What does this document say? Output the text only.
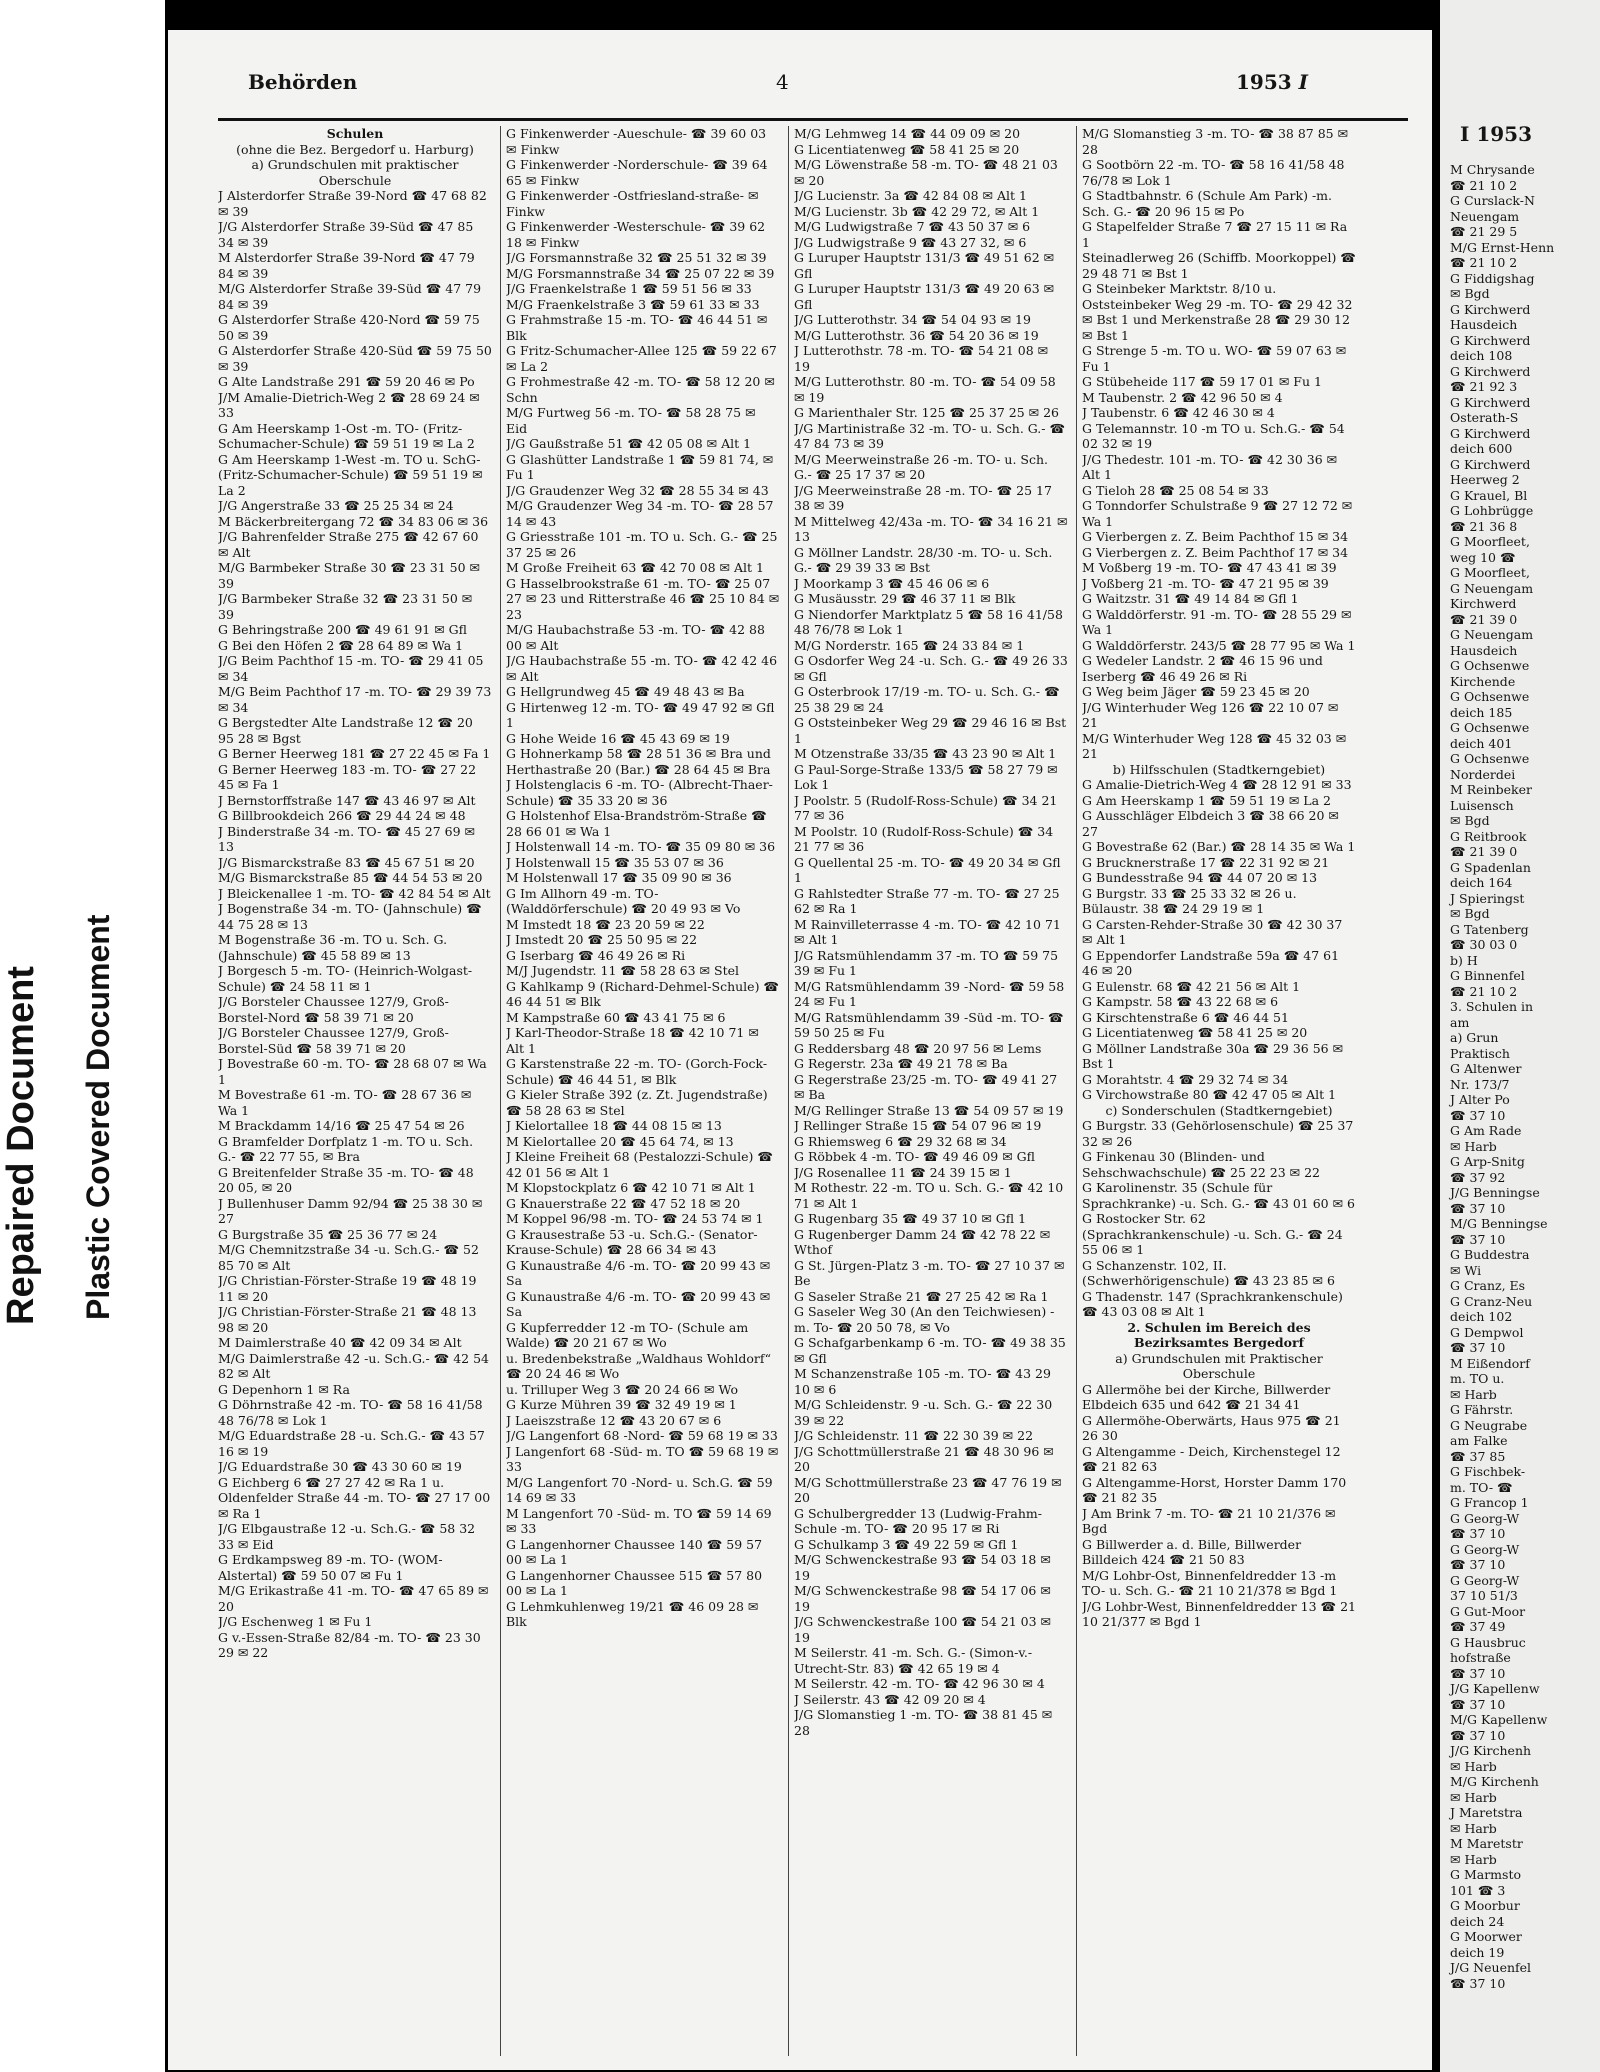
Repaired Document Plastic Covered Document
Behörden	4	1953 I
Schulen
(ohne die Bez. Bergedorf u. Harburg)
a) Grundschulen mit praktischer Oberschule
J Alsterdorfer Straße 39-Nord ☎ 47 68 82 ✉ 39
J/G Alsterdorfer Straße 39-Süd ☎ 47 85 34 ✉ 39
M Alsterdorfer Straße 39-Nord ☎ 47 79 84 ✉ 39
M/G Alsterdorfer Straße 39-Süd ☎ 47 79 84 ✉ 39
G Alsterdorfer Straße 420-Nord ☎ 59 75 50 ✉ 39
G Alsterdorfer Straße 420-Süd ☎ 59 75 50 ✉ 39
G Alte Landstraße 291 ☎ 59 20 46 ✉ Po
J/M Amalie-Dietrich-Weg 2 ☎ 28 69 24 ✉ 33
G Am Heerskamp 1-Ost -m. TO- (Fritz-Schumacher-Schule) ☎ 59 51 19 ✉ La 2
G Am Heerskamp 1-West -m. TO u. SchG- (Fritz-Schumacher-Schule) ☎ 59 51 19 ✉ La 2
J/G Angerstraße 33 ☎ 25 25 34 ✉ 24
M Bäckerbreitergang 72 ☎ 34 83 06 ✉ 36
J/G Bahrenfelder Straße 275 ☎ 42 67 60 ✉ Alt
M/G Barmbeker Straße 30 ☎ 23 31 50 ✉ 39
J/G Barmbeker Straße 32 ☎ 23 31 50 ✉ 39
G Behringstraße 200 ☎ 49 61 91 ✉ Gfl
G Bei den Höfen 2 ☎ 28 64 89 ✉ Wa 1
J/G Beim Pachthof 15 -m. TO- ☎ 29 41 05 ✉ 34
M/G Beim Pachthof 17 -m. TO- ☎ 29 39 73 ✉ 34
G Bergstedter Alte Landstraße 12 ☎ 20 95 28 ✉ Bgst
G Berner Heerweg 181 ☎ 27 22 45 ✉ Fa 1
G Berner Heerweg 183 -m. TO- ☎ 27 22 45 ✉ Fa 1
J Bernstorffstraße 147 ☎ 43 46 97 ✉ Alt
G Billbrookdeich 266 ☎ 29 44 24 ✉ 48
J Binderstraße 34 -m. TO- ☎ 45 27 69 ✉ 13
J/G Bismarckstraße 83 ☎ 45 67 51 ✉ 20
M/G Bismarckstraße 85 ☎ 44 54 53 ✉ 20
J Bleickenallee 1 -m. TO- ☎ 42 84 54 ✉ Alt
J Bogenstraße 34 -m. TO- (Jahnschule) ☎ 44 75 28 ✉ 13
M Bogenstraße 36 -m. TO u. Sch. G. (Jahnschule) ☎ 45 58 89 ✉ 13
J Borgesch 5 -m. TO- (Heinrich-Wolgast-Schule) ☎ 24 58 11 ✉ 1
J/G Borsteler Chaussee 127/9, Groß-Borstel-Nord ☎ 58 39 71 ✉ 20
J/G Borsteler Chaussee 127/9, Groß-Borstel-Süd ☎ 58 39 71 ✉ 20
J Bovestraße 60 -m. TO- ☎ 28 68 07 ✉ Wa 1
M Bovestraße 61 -m. TO- ☎ 28 67 36 ✉ Wa 1
M Brackdamm 14/16 ☎ 25 47 54 ✉ 26
G Bramfelder Dorfplatz 1 -m. TO u. Sch. G.- ☎ 22 77 55, ✉ Bra
G Breitenfelder Straße 35 -m. TO- ☎ 48 20 05, ✉ 20
J Bullenhuser Damm 92/94 ☎ 25 38 30 ✉ 27
G Burgstraße 35 ☎ 25 36 77 ✉ 24
M/G Chemnitzstraße 34 -u. Sch.G.- ☎ 52 85 70 ✉ Alt
J/G Christian-Förster-Straße 19 ☎ 48 19 11 ✉ 20
J/G Christian-Förster-Straße 21 ☎ 48 13 98 ✉ 20
M Daimlerstraße 40 ☎ 42 09 34 ✉ Alt
M/G Daimlerstraße 42 -u. Sch.G.- ☎ 42 54 82 ✉ Alt
G Depenhorn 1 ✉ Ra
G Döhrnstraße 42 -m. TO- ☎ 58 16 41/58 48 76/78 ✉ Lok 1
M/G Eduardstraße 28 -u. Sch.G.- ☎ 43 57 16 ✉ 19
J/G Eduardstraße 30 ☎ 43 30 60 ✉ 19
G Eichberg 6 ☎ 27 27 42 ✉ Ra 1 u. Oldenfelder Straße 44 -m. TO- ☎ 27 17 00 ✉ Ra 1
J/G Elbgaustraße 12 -u. Sch.G.- ☎ 58 32 33 ✉ Eid
G Erdkampsweg 89 -m. TO- (WOM-Alstertal) ☎ 59 50 07 ✉ Fu 1
M/G Erikastraße 41 -m. TO- ☎ 47 65 89 ✉ 20
J/G Eschenweg 1 ✉ Fu 1
G v.-Essen-Straße 82/84 -m. TO- ☎ 23 30 29 ✉ 22
G Finkenwerder -Aueschule- ☎ 39 60 03 ✉ Finkw
G Finkenwerder -Norderschule- ☎ 39 64 65 ✉ Finkw
G Finkenwerder -Ostfriesland-straße- ✉ Finkw
G Finkenwerder -Westerschule- ☎ 39 62 18 ✉ Finkw
J/G Forsmannstraße 32 ☎ 25 51 32 ✉ 39
M/G Forsmannstraße 34 ☎ 25 07 22 ✉ 39
J/G Fraenkelstraße 1 ☎ 59 51 56 ✉ 33
M/G Fraenkelstraße 3 ☎ 59 61 33 ✉ 33
G Frahmstraße 15 -m. TO- ☎ 46 44 51 ✉ Blk
G Fritz-Schumacher-Allee 125 ☎ 59 22 67 ✉ La 2
G Frohmestraße 42 -m. TO- ☎ 58 12 20 ✉ Schn
M/G Furtweg 56 -m. TO- ☎ 58 28 75 ✉ Eid
J/G Gaußstraße 51 ☎ 42 05 08 ✉ Alt 1
G Glashütter Landstraße 1 ☎ 59 81 74, ✉ Fu 1
J/G Graudenzer Weg 32 ☎ 28 55 34 ✉ 43
M/G Graudenzer Weg 34 -m. TO- ☎ 28 57 14 ✉ 43
G Griesstraße 101 -m. TO u. Sch. G.- ☎ 25 37 25 ✉ 26
M Große Freiheit 63 ☎ 42 70 08 ✉ Alt 1
G Hasselbrookstraße 61 -m. TO- ☎ 25 07 27 ✉ 23 und Ritterstraße 46 ☎ 25 10 84 ✉ 23
M/G Haubachstraße 53 -m. TO- ☎ 42 88 00 ✉ Alt
J/G Haubachstraße 55 -m. TO- ☎ 42 42 46 ✉ Alt
G Hellgrundweg 45 ☎ 49 48 43 ✉ Ba
G Hirtenweg 12 -m. TO- ☎ 49 47 92 ✉ Gfl 1
G Hohe Weide 16 ☎ 45 43 69 ✉ 19
G Hohnerkamp 58 ☎ 28 51 36 ✉ Bra und Herthastraße 20 (Bar.) ☎ 28 64 45 ✉ Bra
J Holstenglacis 6 -m. TO- (Albrecht-Thaer-Schule) ☎ 35 33 20 ✉ 36
G Holstenhof Elsa-Brandström-Straße ☎ 28 66 01 ✉ Wa 1
J Holstenwall 14 -m. TO- ☎ 35 09 80 ✉ 36
J Holstenwall 15 ☎ 35 53 07 ✉ 36
M Holstenwall 17 ☎ 35 09 90 ✉ 36
G Im Allhorn 49 -m. TO- (Walddörferschule) ☎ 20 49 93 ✉ Vo
M Imstedt 18 ☎ 23 20 59 ✉ 22
J Imstedt 20 ☎ 25 50 95 ✉ 22
G Iserbarg ☎ 46 49 26 ✉ Ri
M/J Jugendstr. 11 ☎ 58 28 63 ✉ Stel
G Kahlkamp 9 (Richard-Dehmel-Schule) ☎ 46 44 51 ✉ Blk
M Kampstraße 60 ☎ 43 41 75 ✉ 6
J Karl-Theodor-Straße 18 ☎ 42 10 71 ✉ Alt 1
G Karstenstraße 22 -m. TO- (Gorch-Fock-Schule) ☎ 46 44 51, ✉ Blk
G Kieler Straße 392 (z. Zt. Jugendstraße) ☎ 58 28 63 ✉ Stel
J Kielortallee 18 ☎ 44 08 15 ✉ 13
M Kielortallee 20 ☎ 45 64 74, ✉ 13
J Kleine Freiheit 68 (Pestalozzi-Schule) ☎ 42 01 56 ✉ Alt 1
M Klopstockplatz 6 ☎ 42 10 71 ✉ Alt 1
G Knauerstraße 22 ☎ 47 52 18 ✉ 20
M Koppel 96/98 -m. TO- ☎ 24 53 74 ✉ 1
G Krausestraße 53 -u. Sch.G.- (Senator-Krause-Schule) ☎ 28 66 34 ✉ 43
G Kunaustraße 4/6 -m. TO- ☎ 20 99 43 ✉ Sa
G Kunaustraße 4/6 -m. TO- ☎ 20 99 43 ✉ Sa
G Kupferredder 12 -m TO- (Schule am Walde) ☎ 20 21 67 ✉ Wo
u. Bredenbekstraße „Waldhaus Wohldorf“ ☎ 20 24 46 ✉ Wo
u. Trilluper Weg 3 ☎ 20 24 66 ✉ Wo
G Kurze Mühren 39 ☎ 32 49 19 ✉ 1
J Laeiszstraße 12 ☎ 43 20 67 ✉ 6
J/G Langenfort 68 -Nord- ☎ 59 68 19 ✉ 33
J Langenfort 68 -Süd- m. TO ☎ 59 68 19 ✉ 33
M/G Langenfort 70 -Nord- u. Sch.G. ☎ 59 14 69 ✉ 33
M Langenfort 70 -Süd- m. TO ☎ 59 14 69 ✉ 33
G Langenhorner Chaussee 140 ☎ 59 57 00 ✉ La 1
G Langenhorner Chaussee 515 ☎ 57 80 00 ✉ La 1
G Lehmkuhlenweg 19/21 ☎ 46 09 28 ✉ Blk
M/G Lehmweg 14 ☎ 44 09 09 ✉ 20
G Licentiatenweg ☎ 58 41 25 ✉ 20
M/G Löwenstraße 58 -m. TO- ☎ 48 21 03 ✉ 20
J/G Lucienstr. 3a ☎ 42 84 08 ✉ Alt 1
M/G Lucienstr. 3b ☎ 42 29 72, ✉ Alt 1
M/G Ludwigstraße 7 ☎ 43 50 37 ✉ 6
J/G Ludwigstraße 9 ☎ 43 27 32, ✉ 6
G Luruper Hauptstr 131/3 ☎ 49 51 62 ✉ Gfl
G Luruper Hauptstr 131/3 ☎ 49 20 63 ✉ Gfl
J/G Lutterothstr. 34 ☎ 54 04 93 ✉ 19
M/G Lutterothstr. 36 ☎ 54 20 36 ✉ 19
J Lutterothstr. 78 -m. TO- ☎ 54 21 08 ✉ 19
M/G Lutterothstr. 80 -m. TO- ☎ 54 09 58 ✉ 19
G Marienthaler Str. 125 ☎ 25 37 25 ✉ 26
J/G Martinistraße 32 -m. TO- u. Sch. G.- ☎ 47 84 73 ✉ 39
M/G Meerweinstraße 26 -m. TO- u. Sch. G.- ☎ 25 17 37 ✉ 20
J/G Meerweinstraße 28 -m. TO- ☎ 25 17 38 ✉ 39
M Mittelweg 42/43a -m. TO- ☎ 34 16 21 ✉ 13
G Möllner Landstr. 28/30 -m. TO- u. Sch. G.- ☎ 29 39 33 ✉ Bst
J Moorkamp 3 ☎ 45 46 06 ✉ 6
G Musäusstr. 29 ☎ 46 37 11 ✉ Blk
G Niendorfer Marktplatz 5 ☎ 58 16 41/58 48 76/78 ✉ Lok 1
M/G Norderstr. 165 ☎ 24 33 84 ✉ 1
G Osdorfer Weg 24 -u. Sch. G.- ☎ 49 26 33 ✉ Gfl
G Osterbrook 17/19 -m. TO- u. Sch. G.- ☎ 25 38 29 ✉ 24
G Oststeinbeker Weg 29 ☎ 29 46 16 ✉ Bst 1
M Otzenstraße 33/35 ☎ 43 23 90 ✉ Alt 1
G Paul-Sorge-Straße 133/5 ☎ 58 27 79 ✉ Lok 1
J Poolstr. 5 (Rudolf-Ross-Schule) ☎ 34 21 77 ✉ 36
M Poolstr. 10 (Rudolf-Ross-Schule) ☎ 34 21 77 ✉ 36
G Quellental 25 -m. TO- ☎ 49 20 34 ✉ Gfl 1
G Rahlstedter Straße 77 -m. TO- ☎ 27 25 62 ✉ Ra 1
M Rainvilleterrasse 4 -m. TO- ☎ 42 10 71 ✉ Alt 1
J/G Ratsmühlendamm 37 -m. TO ☎ 59 75 39 ✉ Fu 1
M/G Ratsmühlendamm 39 -Nord- ☎ 59 58 24 ✉ Fu 1
M/G Ratsmühlendamm 39 -Süd -m. TO- ☎ 59 50 25 ✉ Fu
G Reddersbarg 48 ☎ 20 97 56 ✉ Lems
G Regerstr. 23a ☎ 49 21 78 ✉ Ba
G Regerstraße 23/25 -m. TO- ☎ 49 41 27 ✉ Ba
M/G Rellinger Straße 13 ☎ 54 09 57 ✉ 19
J Rellinger Straße 15 ☎ 54 07 96 ✉ 19
G Rhiemsweg 6 ☎ 29 32 68 ✉ 34
G Röbbek 4 -m. TO- ☎ 49 46 09 ✉ Gfl
J/G Rosenallee 11 ☎ 24 39 15 ✉ 1
M Rothestr. 22 -m. TO u. Sch. G.- ☎ 42 10 71 ✉ Alt 1
G Rugenbarg 35 ☎ 49 37 10 ✉ Gfl 1
G Rugenberger Damm 24 ☎ 42 78 22 ✉ Wthof
G St. Jürgen-Platz 3 -m. TO- ☎ 27 10 37 ✉ Be
G Saseler Straße 21 ☎ 27 25 42 ✉ Ra 1
G Saseler Weg 30 (An den Teichwiesen) -m. To- ☎ 20 50 78, ✉ Vo
G Schafgarbenkamp 6 -m. TO- ☎ 49 38 35 ✉ Gfl
M Schanzenstraße 105 -m. TO- ☎ 43 29 10 ✉ 6
M/G Schleidenstr. 9 -u. Sch. G.- ☎ 22 30 39 ✉ 22
J/G Schleidenstr. 11 ☎ 22 30 39 ✉ 22
J/G Schottmüllerstraße 21 ☎ 48 30 96 ✉ 20
M/G Schottmüllerstraße 23 ☎ 47 76 19 ✉ 20
G Schulbergredder 13 (Ludwig-Frahm-Schule -m. TO- ☎ 20 95 17 ✉ Ri
G Schulkamp 3 ☎ 49 22 59 ✉ Gfl 1
M/G Schwenckestraße 93 ☎ 54 03 18 ✉ 19
M/G Schwenckestraße 98 ☎ 54 17 06 ✉ 19
J/G Schwenckestraße 100 ☎ 54 21 03 ✉ 19
M Seilerstr. 41 -m. Sch. G.- (Simon-v.-Utrecht-Str. 83) ☎ 42 65 19 ✉ 4
M Seilerstr. 42 -m. TO- ☎ 42 96 30 ✉ 4
J Seilerstr. 43 ☎ 42 09 20 ✉ 4
J/G Slomanstieg 1 -m. TO- ☎ 38 81 45 ✉ 28
M/G Slomanstieg 3 -m. TO- ☎ 38 87 85 ✉ 28
G Sootbörn 22 -m. TO- ☎ 58 16 41/58 48 76/78 ✉ Lok 1
G Stadtbahnstr. 6 (Schule Am Park) -m. Sch. G.- ☎ 20 96 15 ✉ Po
G Stapelfelder Straße 7 ☎ 27 15 11 ✉ Ra 1
Steinadlerweg 26 (Schiffb. Moorkoppel) ☎ 29 48 71 ✉ Bst 1
G Steinbeker Marktstr. 8/10 u. Oststeinbeker Weg 29 -m. TO- ☎ 29 42 32 ✉ Bst 1 und Merkenstraße 28 ☎ 29 30 12 ✉ Bst 1
G Strenge 5 -m. TO u. WO- ☎ 59 07 63 ✉ Fu 1
G Stübeheide 117 ☎ 59 17 01 ✉ Fu 1
M Taubenstr. 2 ☎ 42 96 50 ✉ 4
J Taubenstr. 6 ☎ 42 46 30 ✉ 4
G Telemannstr. 10 -m TO u. Sch.G.- ☎ 54 02 32 ✉ 19
J/G Thedestr. 101 -m. TO- ☎ 42 30 36 ✉ Alt 1
G Tieloh 28 ☎ 25 08 54 ✉ 33
G Tonndorfer Schulstraße 9 ☎ 27 12 72 ✉ Wa 1
G Vierbergen z. Z. Beim Pachthof 15 ✉ 34
G Vierbergen z. Z. Beim Pachthof 17 ✉ 34
M Voßberg 19 -m. TO- ☎ 47 43 41 ✉ 39
J Voßberg 21 -m. TO- ☎ 47 21 95 ✉ 39
G Waitzstr. 31 ☎ 49 14 84 ✉ Gfl 1
G Walddörferstr. 91 -m. TO- ☎ 28 55 29 ✉ Wa 1
G Walddörferstr. 243/5 ☎ 28 77 95 ✉ Wa 1
G Wedeler Landstr. 2 ☎ 46 15 96 und Iserberg ☎ 46 49 26 ✉ Ri
G Weg beim Jäger ☎ 59 23 45 ✉ 20
J/G Winterhuder Weg 126 ☎ 22 10 07 ✉ 21
M/G Winterhuder Weg 128 ☎ 45 32 03 ✉ 21
b) Hilfsschulen (Stadtkerngebiet)
G Amalie-Dietrich-Weg 4 ☎ 28 12 91 ✉ 33
G Am Heerskamp 1 ☎ 59 51 19 ✉ La 2
G Ausschläger Elbdeich 3 ☎ 38 66 20 ✉ 27
G Bovestraße 62 (Bar.) ☎ 28 14 35 ✉ Wa 1
G Brucknerstraße 17 ☎ 22 31 92 ✉ 21
G Bundesstraße 94 ☎ 44 07 20 ✉ 13
G Burgstr. 33 ☎ 25 33 32 ✉ 26 u. Bülaustr. 38 ☎ 24 29 19 ✉ 1
G Carsten-Rehder-Straße 30 ☎ 42 30 37 ✉ Alt 1
G Eppendorfer Landstraße 59a ☎ 47 61 46 ✉ 20
G Eulenstr. 68 ☎ 42 21 56 ✉ Alt 1
G Kampstr. 58 ☎ 43 22 68 ✉ 6
G Kirschtenstraße 6 ☎ 46 44 51
G Licentiatenweg ☎ 58 41 25 ✉ 20
G Möllner Landstraße 30a ☎ 29 36 56 ✉ Bst 1
G Morahtstr. 4 ☎ 29 32 74 ✉ 34
G Virchowstraße 80 ☎ 42 47 05 ✉ Alt 1
c) Sonderschulen (Stadtkerngebiet)
G Burgstr. 33 (Gehörlosenschule) ☎ 25 37 32 ✉ 26
G Finkenau 30 (Blinden- und Sehschwachschule) ☎ 25 22 23 ✉ 22
G Karolinenstr. 35 (Schule für Sprachkranke) -u. Sch. G.- ☎ 43 01 60 ✉ 6
G Rostocker Str. 62 (Sprachkrankenschule) -u. Sch. G.- ☎ 24 55 06 ✉ 1
G Schanzenstr. 102, II. (Schwerhörigenschule) ☎ 43 23 85 ✉ 6
G Thadenstr. 147 (Sprachkrankenschule) ☎ 43 03 08 ✉ Alt 1
2. Schulen im Bereich des Bezirksamtes Bergedorf
a) Grundschulen mit Praktischer Oberschule
G Allermöhe bei der Kirche, Billwerder Elbdeich 635 und 642 ☎ 21 34 41
G Allermöhe-Oberwärts, Haus 975 ☎ 21 26 30
G Altengamme - Deich, Kirchenstegel 12 ☎ 21 82 63
G Altengamme-Horst, Horster Damm 170 ☎ 21 82 35
J Am Brink 7 -m. TO- ☎ 21 10 21/376 ✉ Bgd
G Billwerder a. d. Bille, Billwerder Billdeich 424 ☎ 21 50 83
M/G Lohbr-Ost, Binnenfeldredder 13 -m TO- u. Sch. G.- ☎ 21 10 21/378 ✉ Bgd 1
J/G Lohbr-West, Binnenfeldredder 13 ☎ 21 10 21/377 ✉ Bgd 1
I 1953
M Chrysande
☎ 21 10 2
G Curslack-N
Neuengam
☎ 21 29 5
M/G Ernst-Henn
☎ 21 10 2
G Fiddigshag
✉ Bgd
G Kirchwerd
Hausdeich
G Kirchwerd
deich 108
G Kirchwerd
☎ 21 92 3
G Kirchwerd
Osterath-S
G Kirchwerd
deich 600
G Kirchwerd
Heerweg 2
G Krauel, Bl
G Lohbrügge
☎ 21 36 8
G Moorfleet,
weg 10 ☎
G Moorfleet,
G Neuengam
Kirchwerd
☎ 21 39 0
G Neuengam
Hausdeich
G Ochsenwe
Kirchende
G Ochsenwe
deich 185
G Ochsenwe
deich 401
G Ochsenwe
Norderdei
M Reinbeker
Luisensch
✉ Bgd
G Reitbrook
☎ 21 39 0
G Spadenlan
deich 164
J Spieringst
✉ Bgd
G Tatenberg
☎ 30 03 0
b) H
G Binnenfel
☎ 21 10 2
3. Schulen in
am
a) Grun
Praktisch
G Altenwer
Nr. 173/7
J Alter Po
☎ 37 10
G Am Rade
✉ Harb
G Arp-Snitg
☎ 37 92
J/G Benningse
☎ 37 10
M/G Benningse
☎ 37 10
G Buddestra
✉ Wi
G Cranz, Es
G Cranz-Neu
deich 102
G Dempwol
☎ 37 10
M Eißendorf
m. TO u.
✉ Harb
G Fährstr.
G Neugrabe
am Falke
☎ 37 85
G Fischbek-
m. TO- ☎
G Francop 1
G Georg-W
☎ 37 10
G Georg-W
☎ 37 10
G Georg-W
37 10 51/3
G Gut-Moor
☎ 37 49
G Hausbruc
hofstraße
☎ 37 10
J/G Kapellenw
☎ 37 10
M/G Kapellenw
☎ 37 10
J/G Kirchenh
✉ Harb
M/G Kirchenh
✉ Harb
J Maretstra
✉ Harb
M Maretstr
✉ Harb
G Marmsto
101 ☎ 3
G Moorbur
deich 24
G Moorwer
deich 19
J/G Neuenfel
☎ 37 10
